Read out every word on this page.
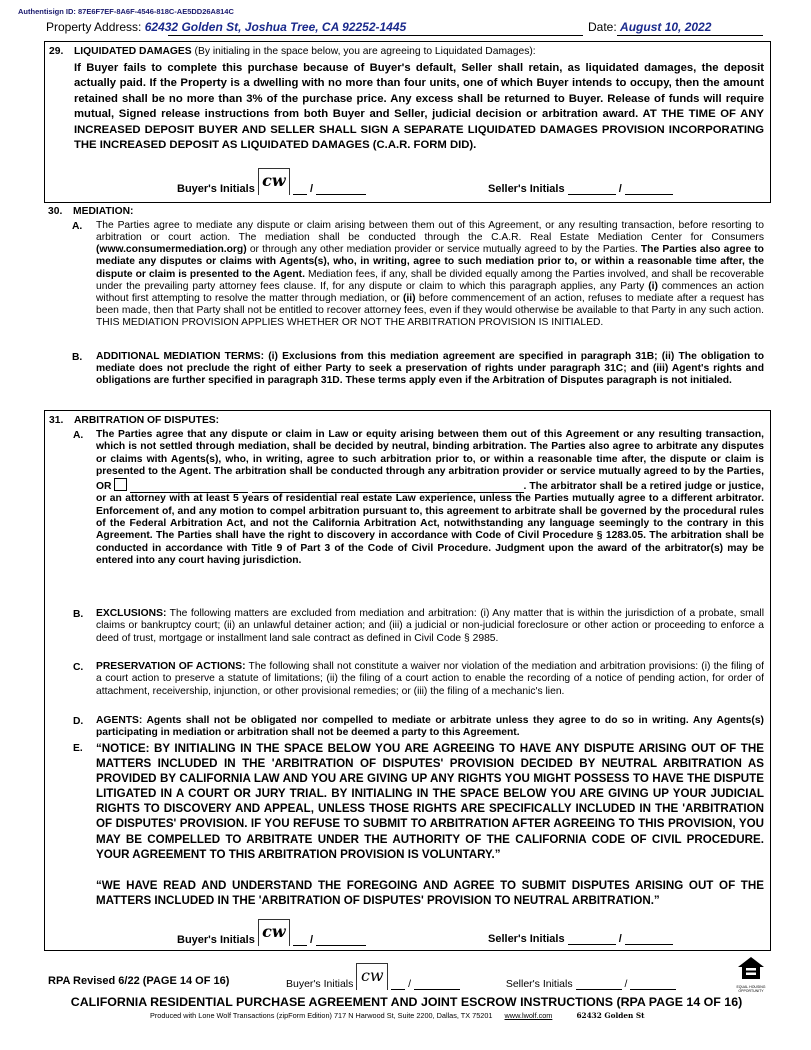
Authentisign ID: 87E6F7EF-8A6F-4546-818C-AE5DD26A814C
Property Address: 62432 Golden St, Joshua Tree, CA 92252-1445	Date: August 10, 2022
29. LIQUIDATED DAMAGES (By initialing in the space below, you are agreeing to Liquidated Damages):
If Buyer fails to complete this purchase because of Buyer's default, Seller shall retain, as liquidated damages, the deposit actually paid. If the Property is a dwelling with no more than four units, one of which Buyer intends to occupy, then the amount retained shall be no more than 3% of the purchase price. Any excess shall be returned to Buyer. Release of funds will require mutual, Signed release instructions from both Buyer and Seller, judicial decision or arbitration award. AT THE TIME OF ANY INCREASED DEPOSIT BUYER AND SELLER SHALL SIGN A SEPARATE LIQUIDATED DAMAGES PROVISION INCORPORATING THE INCREASED DEPOSIT AS LIQUIDATED DAMAGES (C.A.R. FORM DID).
Buyer's Initials cw /	Seller's Initials	/
30. MEDIATION:
A. The Parties agree to mediate any dispute or claim arising between them out of this Agreement, or any resulting transaction, before resorting to arbitration or court action. The mediation shall be conducted through the C.A.R. Real Estate Mediation Center for Consumers (www.consumermediation.org) or through any other mediation provider or service mutually agreed to by the Parties. The Parties also agree to mediate any disputes or claims with Agents(s), who, in writing, agree to such mediation prior to, or within a reasonable time after, the dispute or claim is presented to the Agent. Mediation fees, if any, shall be divided equally among the Parties involved, and shall be recoverable under the prevailing party attorney fees clause. If, for any dispute or claim to which this paragraph applies, any Party (i) commences an action without first attempting to resolve the matter through mediation, or (ii) before commencement of an action, refuses to mediate after a request has been made, then that Party shall not be entitled to recover attorney fees, even if they would otherwise be available to that Party in any such action. THIS MEDIATION PROVISION APPLIES WHETHER OR NOT THE ARBITRATION PROVISION IS INITIALED.
B. ADDITIONAL MEDIATION TERMS: (i) Exclusions from this mediation agreement are specified in paragraph 31B; (ii) The obligation to mediate does not preclude the right of either Party to seek a preservation of rights under paragraph 31C; and (iii) Agent's rights and obligations are further specified in paragraph 31D. These terms apply even if the Arbitration of Disputes paragraph is not initialed.
31. ARBITRATION OF DISPUTES:
A. The Parties agree that any dispute or claim in Law or equity arising between them out of this Agreement or any resulting transaction, which is not settled through mediation, shall be decided by neutral, binding arbitration. The Parties also agree to arbitrate any disputes or claims with Agents(s), who, in writing, agree to such arbitration prior to, or within a reasonable time after, the dispute or claim is presented to the Agent. The arbitration shall be conducted through any arbitration provider or service mutually agreed to by the Parties, OR	. The arbitrator shall be a retired judge or justice, or an attorney with at least 5 years of residential real estate Law experience, unless the Parties mutually agree to a different arbitrator. Enforcement of, and any motion to compel arbitration pursuant to, this agreement to arbitrate shall be governed by the procedural rules of the Federal Arbitration Act, and not the California Arbitration Act, notwithstanding any language seemingly to the contrary in this Agreement. The Parties shall have the right to discovery in accordance with Code of Civil Procedure § 1283.05. The arbitration shall be conducted in accordance with Title 9 of Part 3 of the Code of Civil Procedure. Judgment upon the award of the arbitrator(s) may be entered into any court having jurisdiction.
B. EXCLUSIONS: The following matters are excluded from mediation and arbitration: (i) Any matter that is within the jurisdiction of a probate, small claims or bankruptcy court; (ii) an unlawful detainer action; and (iii) a judicial or non-judicial foreclosure or other action or proceeding to enforce a deed of trust, mortgage or installment land sale contract as defined in Civil Code § 2985.
C. PRESERVATION OF ACTIONS: The following shall not constitute a waiver nor violation of the mediation and arbitration provisions: (i) the filing of a court action to preserve a statute of limitations; (ii) the filing of a court action to enable the recording of a notice of pending action, for order of attachment, receivership, injunction, or other provisional remedies; or (iii) the filing of a mechanic's lien.
D. AGENTS: Agents shall not be obligated nor compelled to mediate or arbitrate unless they agree to do so in writing. Any Agents(s) participating in mediation or arbitration shall not be deemed a party to this Agreement.
E. “NOTICE: BY INITIALING IN THE SPACE BELOW YOU ARE AGREEING TO HAVE ANY DISPUTE ARISING OUT OF THE MATTERS INCLUDED IN THE 'ARBITRATION OF DISPUTES' PROVISION DECIDED BY NEUTRAL ARBITRATION AS PROVIDED BY CALIFORNIA LAW AND YOU ARE GIVING UP ANY RIGHTS YOU MIGHT POSSESS TO HAVE THE DISPUTE LITIGATED IN A COURT OR JURY TRIAL. BY INITIALING IN THE SPACE BELOW YOU ARE GIVING UP YOUR JUDICIAL RIGHTS TO DISCOVERY AND APPEAL, UNLESS THOSE RIGHTS ARE SPECIFICALLY INCLUDED IN THE 'ARBITRATION OF DISPUTES' PROVISION. IF YOU REFUSE TO SUBMIT TO ARBITRATION AFTER AGREEING TO THIS PROVISION, YOU MAY BE COMPELLED TO ARBITRATE UNDER THE AUTHORITY OF THE CALIFORNIA CODE OF CIVIL PROCEDURE. YOUR AGREEMENT TO THIS ARBITRATION PROVISION IS VOLUNTARY.”
“WE HAVE READ AND UNDERSTAND THE FOREGOING AND AGREE TO SUBMIT DISPUTES ARISING OUT OF THE MATTERS INCLUDED IN THE 'ARBITRATION OF DISPUTES' PROVISION TO NEUTRAL ARBITRATION.”
Buyer's Initials cw /	Seller's Initials	/
RPA Revised 6/22 (PAGE 14 OF 16)	Buyer's Initials cw /	Seller's Initials	/	EQUAL HOUSING OPPORTUNITY
CALIFORNIA RESIDENTIAL PURCHASE AGREEMENT AND JOINT ESCROW INSTRUCTIONS (RPA PAGE 14 OF 16)
Produced with Lone Wolf Transactions (zipForm Edition) 717 N Harwood St, Suite 2200, Dallas, TX 75201 www.lwolf.com	62432 Golden St
